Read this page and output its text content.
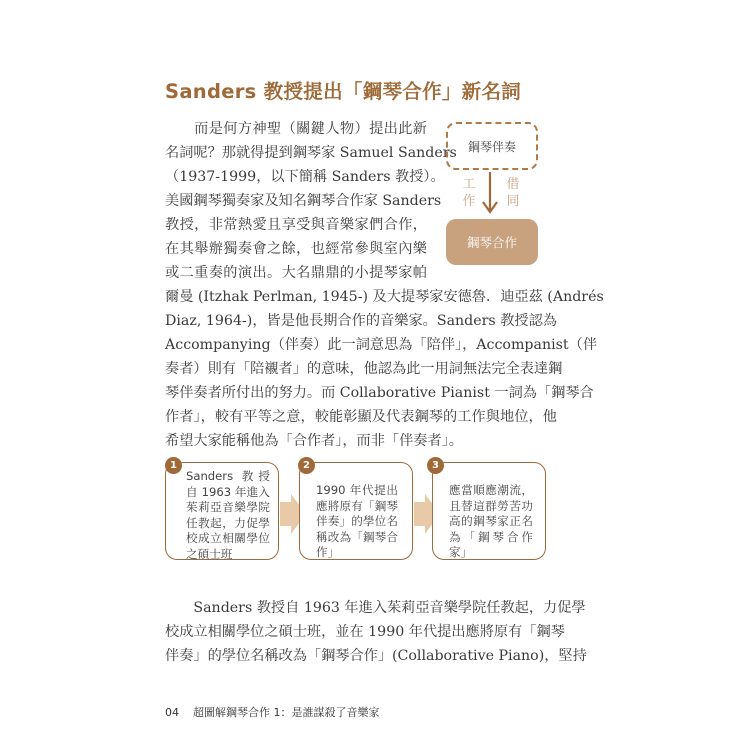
Sanders 教授提出「鋼琴合作」新名詞
　　而是何方神聖（關鍵人物）提出此新
名詞呢？那就得提到鋼琴家 Samuel Sanders
（1937-1999，以下簡稱 Sanders 教授）。
美國鋼琴獨奏家及知名鋼琴合作家 Sanders
教授，非常熱愛且享受與音樂家們合作，
在其舉辦獨奏會之餘，也經常參與室內樂
或二重奏的演出。大名鼎鼎的小提琴家帕
爾曼 (Itzhak Perlman, 1945-) 及大提琴家安德魯．迪亞茲 (Andrés
Diaz, 1964-)，皆是他長期合作的音樂家。Sanders 教授認為
Accompanying（伴奏）此一詞意思為「陪伴」，Accompanist（伴
奏者）則有「陪襯者」的意味，他認為此一用詞無法完全表達鋼
琴伴奏者所付出的努力。而 Collaborative Pianist 一詞為「鋼琴合
作者」，較有平等之意，較能彰顯及代表鋼琴的工作與地位，他
希望大家能稱他為「合作者」，而非「伴奏者」。
鋼琴伴奏
工作
借同
鋼琴合作
Sanders 教授自 1963 年進入茱莉亞音樂學院任教起，力促學校成立相關學位之碩士班
1
1990 年代提出應將原有「鋼琴伴奏」的學位名稱改為「鋼琴合作」
2
應當順應潮流，且替這群勞苦功高的鋼琴家正名為「鋼琴合作家」
3
　　Sanders 教授自 1963 年進入茱莉亞音樂學院任教起，力促學
校成立相關學位之碩士班，並在 1990 年代提出應將原有「鋼琴
伴奏」的學位名稱改為「鋼琴合作」(Collaborative Piano)，堅持
04 超圖解鋼琴合作 1：是誰謀殺了音樂家
